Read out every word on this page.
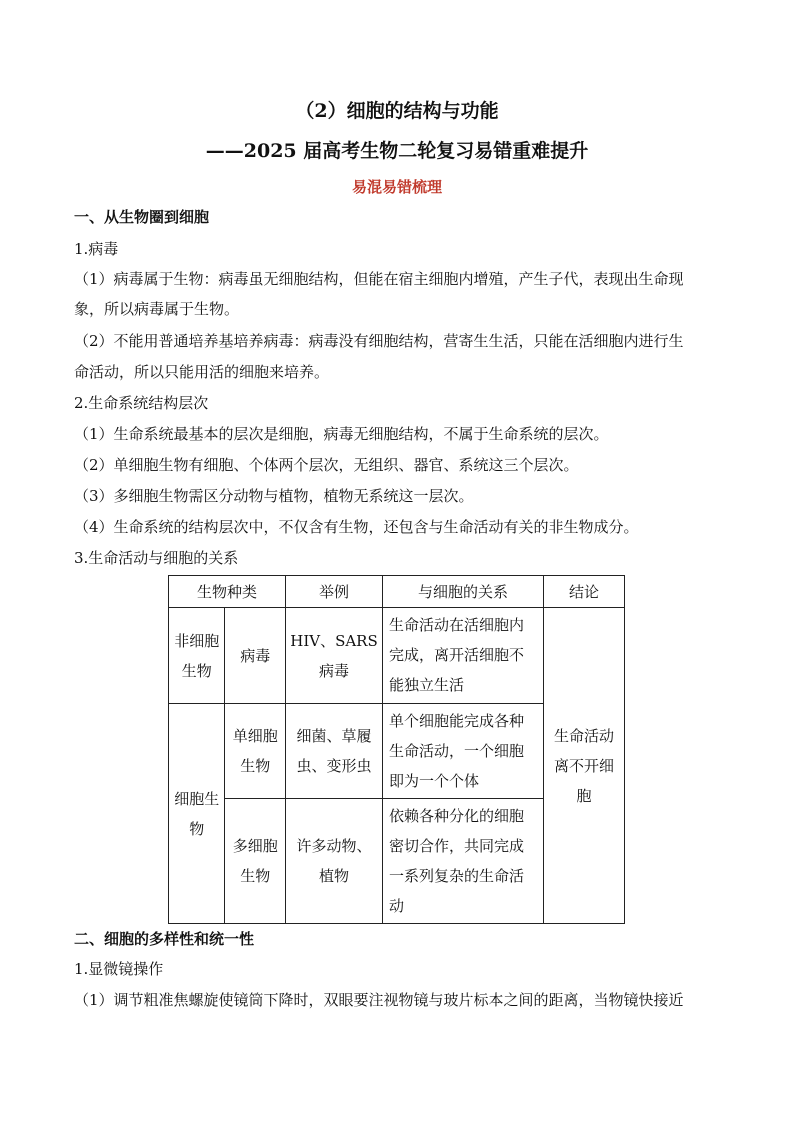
（2）细胞的结构与功能
——2025 届高考生物二轮复习易错重难提升
易混易错梳理
一、从生物圈到细胞
1.病毒
（1）病毒属于生物：病毒虽无细胞结构，但能在宿主细胞内增殖，产生子代，表现出生命现
象，所以病毒属于生物。
（2）不能用普通培养基培养病毒：病毒没有细胞结构，营寄生生活，只能在活细胞内进行生
命活动，所以只能用活的细胞来培养。
2.生命系统结构层次
（1）生命系统最基本的层次是细胞，病毒无细胞结构，不属于生命系统的层次。
（2）单细胞生物有细胞、个体两个层次，无组织、器官、系统这三个层次。
（3）多细胞生物需区分动物与植物，植物无系统这一层次。
（4）生命系统的结构层次中，不仅含有生物，还包含与生命活动有关的非生物成分。
3.生命活动与细胞的关系
生物种类		举例	与细胞的关系	结论
非细胞生物	病毒	HIV、SARS 病毒	生命活动在活细胞内完成，离开活细胞不能独立生活	生命活动离不开细胞
细胞生物	单细胞生物	细菌、草履虫、变形虫	单个细胞能完成各种生命活动，一个细胞即为一个个体	
	多细胞生物	许多动物、植物	依赖各种分化的细胞密切合作，共同完成一系列复杂的生命活动	
二、细胞的多样性和统一性
1.显微镜操作
（1）调节粗准焦螺旋使镜筒下降时，双眼要注视物镜与玻片标本之间的距离，当物镜快接近
